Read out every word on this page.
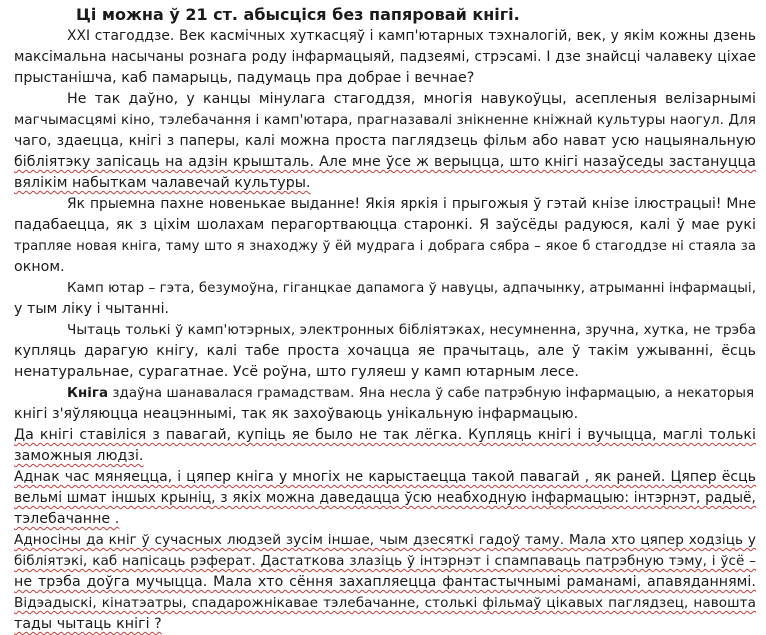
Ці можна ў 21 ст. абысціся без папяровай кнігі.
XXI стагоддзе. Век касмічных хуткасцяў і камп'ютарных тэхналогій, век, у якім кожны дзень
максімальна насычаны рознага роду інфармацыяй, падзеямі, стрэсамі. І дзе знайсці чалавеку ціхае
прыстанішча, каб памарыць, падумаць пра добрае і вечнае?
Не так даўно, у канцы мінулага стагоддзя, многія навукоўцы, асепленыя велізарнымі
магчымасцямі кіно, тэлебачання і камп'ютара, прагназавалі знікненне кніжнай культуры наогул. Для
чаго, здаецца, кнігі з паперы, калі можна проста паглядзець фільм або нават усю нацыянальную
бібліятэку запісаць на адзін крышталь. Але мне ўсе ж верыцца, што кнігі назаўседы застануцца
вялікім набыткам чалавечай культуры.
Як прыемна пахне новенькае выданне! Якія яркія і прыгожыя ў гэтай кнізе ілюстрацыі! Мне
падабаецца, як з ціхім шолахам перагортваюцца старонкі. Я заўсёды радуюся, калі ў мае рукі
трапляе новая кніга, таму што я знаходжу ў ёй мудрага і добрага сябра – якое б стагоддзе ні стаяла за
окном.
Камп ютар – гэта, безумоўна, гіганцкае дапамога ў навуцы, адпачынку, атрыманні інфармацыі,
у тым ліку і чытанні.
Чытаць толькі ў камп'ютэрных, электронных бібліятэках, несумненна, зручна, хутка, не трэба
купляць дарагую кнігу, калі табе проста хочацца яе прачытаць, але ў такім ужыванні, ёсць
ненатуральнае, сурагатнае. Усё роўна, што гуляеш у камп ютарным лесе.
Кніга здаўна шанавалася грамадствам. Яна несла ў сабе патрэбную інфармацыю, а некаторыя
кнігі з'яўляюцца неацэннымі, так як захоўваюць унікальную інфармацыю.
Да кнігі ставіліся з павагай, купіць яе было не так лёгка. Купляць кнігі і вучыцца, маглі толькі
заможныя людзі.
Аднак час мяняецца, і цяпер кніга у многіх не карыстаецца такой павагай , як раней. Цяпер ёсць
вельмі шмат іншых крыніц, з якіх можна даведацца ўсю неабходную інфармацыю: інтэрнэт, радыё,
тэлебачанне .
Адносіны да кніг ў сучасных людзей зусім іншае, чым дзесяткі гадоў таму. Мала хто цяпер ходзіць у
бібліятэкі, каб напісаць рэферат. Дастаткова злазіць ў інтэрнэт і спампаваць патрэбную тэму, і ўсё –
не трэба доўга мучыцца. Мала хто сёння захапляецца фантастычнымі раманамі, апавяданнямі.
Відэадыскі, кінатэатры, спадарожнікавае тэлебачанне, столькі фільмаў цікавых паглядзец, навошта
тады чытаць кнігі ?
